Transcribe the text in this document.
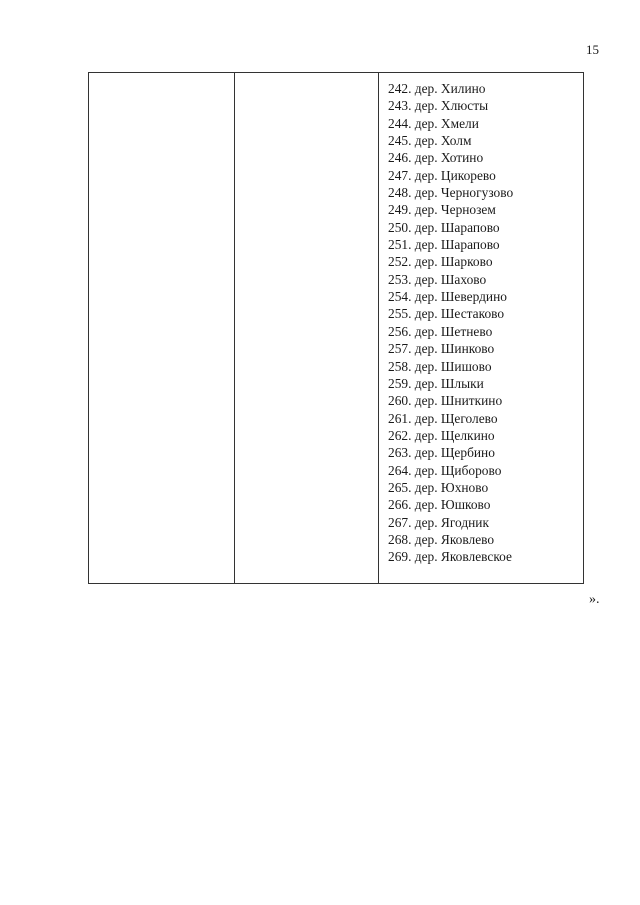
15
242. дер. Хилино
243. дер. Хлюсты
244. дер. Хмели
245. дер. Холм
246. дер. Хотино
247. дер. Цикорево
248. дер. Черногузово
249. дер. Чернозем
250. дер. Шарапово
251. дер. Шарапово
252. дер. Шарково
253. дер. Шахово
254. дер. Шевердино
255. дер. Шестаково
256. дер. Шетнево
257. дер. Шинково
258. дер. Шишово
259. дер. Шлыки
260. дер. Шниткино
261. дер. Щеголево
262. дер. Щелкино
263. дер. Щербино
264. дер. Щиборово
265. дер. Юхново
266. дер. Юшково
267. дер. Ягодник
268. дер. Яковлево
269. дер. Яковлевское
».
